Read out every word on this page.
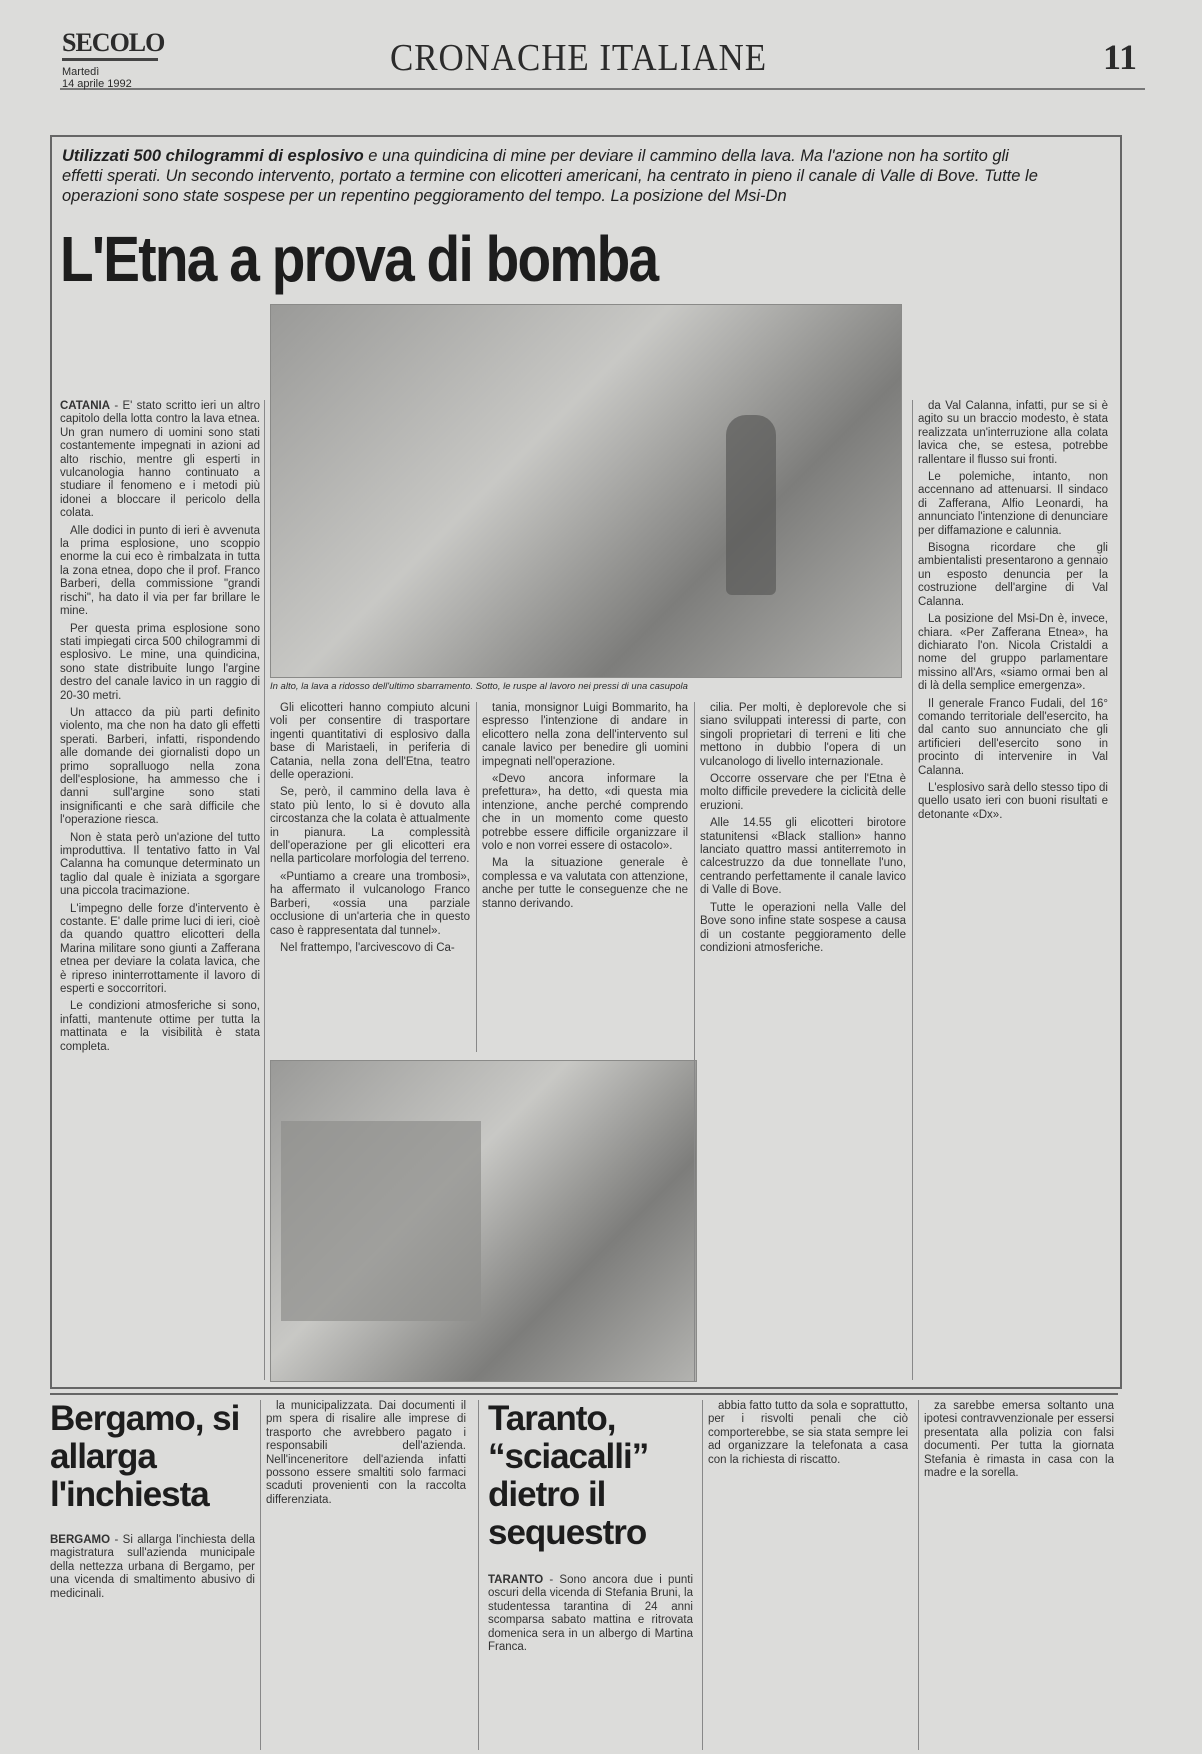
SECOLO
Martedì
14 aprile 1992
CRONACHE ITALIANE	11
Utilizzati 500 chilogrammi di esplosivo e una quindicina di mine per deviare il cammino della lava. Ma l'azione non ha sortito gli effetti sperati. Un secondo intervento, portato a termine con elicotteri americani, ha centrato in pieno il canale di Valle di Bove. Tutte le operazioni sono state sospese per un repentino peggioramento del tempo. La posizione del Msi-Dn
L'Etna a prova di bomba
In alto, la lava a ridosso dell'ultimo sbarramento. Sotto, le ruspe al lavoro nei pressi di una casupola

CATANIA - E' stato scritto ieri un altro capitolo della lotta contro la lava etnea. Un gran numero di uomini sono stati costantemente impegnati in azioni ad alto rischio, mentre gli esperti in vulcanologia hanno continuato a studiare il fenomeno e i metodi più idonei a bloccare il pericolo della colata.

Alle dodici in punto di ieri è avvenuta la prima esplosione, uno scoppio enorme la cui eco è rimbalzata in tutta la zona etnea, dopo che il prof. Franco Barberi, della commissione "grandi rischi", ha dato il via per far brillare le mine.

Per questa prima esplosione sono stati impiegati circa 500 chilogrammi di esplosivo. Le mine, una quindicina, sono state distribuite lungo l'argine destro del canale lavico in un raggio di 20-30 metri.

Un attacco da più parti definito violento, ma che non ha dato gli effetti sperati. Barberi, infatti, rispondendo alle domande dei giornalisti dopo un primo sopralluogo nella zona dell'esplosione, ha ammesso che i danni sull'argine sono stati insignificanti e che sarà difficile che l'operazione riesca.

Non è stata però un'azione del tutto improduttiva. Il tentativo fatto in Val Calanna ha comunque determinato un taglio dal quale è iniziata a sgorgare una piccola tracimazione.

L'impegno delle forze d'intervento è costante. E' dalle prime luci di ieri, cioè da quando quattro elicotteri della Marina militare sono giunti a Zafferana etnea per deviare la colata lavica, che è ripreso ininterrottamente il lavoro di esperti e soccorritori.

Le condizioni atmosferiche si sono, infatti, mantenute ottime per tutta la mattinata e la visibilità è stata completa.

Gli elicotteri hanno compiuto alcuni voli per consentire di trasportare ingenti quantitativi di esplosivo dalla base di Maristaeli, in periferia di Catania, nella zona dell'Etna, teatro delle operazioni.

Se, però, il cammino della lava è stato più lento, lo si è dovuto alla circostanza che la colata è attualmente in pianura. La complessità dell'operazione per gli elicotteri era nella particolare morfologia del terreno.

«Puntiamo a creare una trombosi», ha affermato il vulcanologo Franco Barberi, «ossia una parziale occlusione di un'arteria che in questo caso è rappresentata dal tunnel».

Nel frattempo, l'arcivescovo di Ca-

tania, monsignor Luigi Bommarito, ha espresso l'intenzione di andare in elicottero nella zona dell'intervento sul canale lavico per benedire gli uomini impegnati nell'operazione.

«Devo ancora informare la prefettura», ha detto, «di questa mia intenzione, anche perché comprendo che in un momento come questo potrebbe essere difficile organizzare il volo e non vorrei essere di ostacolo».

Ma la situazione generale è complessa e va valutata con attenzione, anche per tutte le conseguenze che ne stanno derivando.

cilia. Per molti, è deplorevole che si siano sviluppati interessi di parte, con singoli proprietari di terreni e liti che mettono in dubbio l'opera di un vulcanologo di livello internazionale.

Occorre osservare che per l'Etna è molto difficile prevedere la ciclicità delle eruzioni.

Alle 14.55 gli elicotteri birotore statunitensi «Black stallion» hanno lanciato quattro massi antiterremoto in calcestruzzo da due tonnellate l'uno, centrando perfettamente il canale lavico di Valle di Bove.

Tutte le operazioni nella Valle del Bove sono infine state sospese a causa di un costante peggioramento delle condizioni atmosferiche.

da Val Calanna, infatti, pur se si è agito su un braccio modesto, è stata realizzata un'interruzione alla colata lavica che, se estesa, potrebbe rallentare il flusso sui fronti.

Le polemiche, intanto, non accennano ad attenuarsi. Il sindaco di Zafferana, Alfio Leonardi, ha annunciato l'intenzione di denunciare per diffamazione e calunnia.

Bisogna ricordare che gli ambientalisti presentarono a gennaio un esposto denuncia per la costruzione dell'argine di Val Calanna.

La posizione del Msi-Dn è, invece, chiara. «Per Zafferana Etnea», ha dichiarato l'on. Nicola Cristaldi a nome del gruppo parlamentare missino all'Ars, «siamo ormai ben al di là della semplice emergenza».

Il generale Franco Fudali, del 16° comando territoriale dell'esercito, ha dal canto suo annunciato che gli artificieri dell'esercito sono in procinto di intervenire in Val Calanna.

L'esplosivo sarà dello stesso tipo di quello usato ieri con buoni risultati e detonante «Dx».

Bergamo, si allarga l'inchiesta

BERGAMO - Si allarga l'inchiesta della magistratura sull'azienda municipale della nettezza urbana di Bergamo, per una vicenda di smaltimento abusivo di medicinali.

la municipalizzata. Dai documenti il pm spera di risalire alle imprese di trasporto che avrebbero pagato i responsabili dell'azienda. Nell'inceneritore dell'azienda infatti possono essere smaltiti solo farmaci scaduti provenienti con la raccolta differenziata.

Taranto, “sciacalli” dietro il sequestro

TARANTO - Sono ancora due i punti oscuri della vicenda di Stefania Bruni, la studentessa tarantina di 24 anni scomparsa sabato mattina e ritrovata domenica sera in un albergo di Martina Franca.

abbia fatto tutto da sola e soprattutto, per i risvolti penali che ciò comporterebbe, se sia stata sempre lei ad organizzare la telefonata a casa con la richiesta di riscatto.

za sarebbe emersa soltanto una ipotesi contravvenzionale per essersi presentata alla polizia con falsi documenti. Per tutta la giornata Stefania è rimasta in casa con la madre e la sorella.
